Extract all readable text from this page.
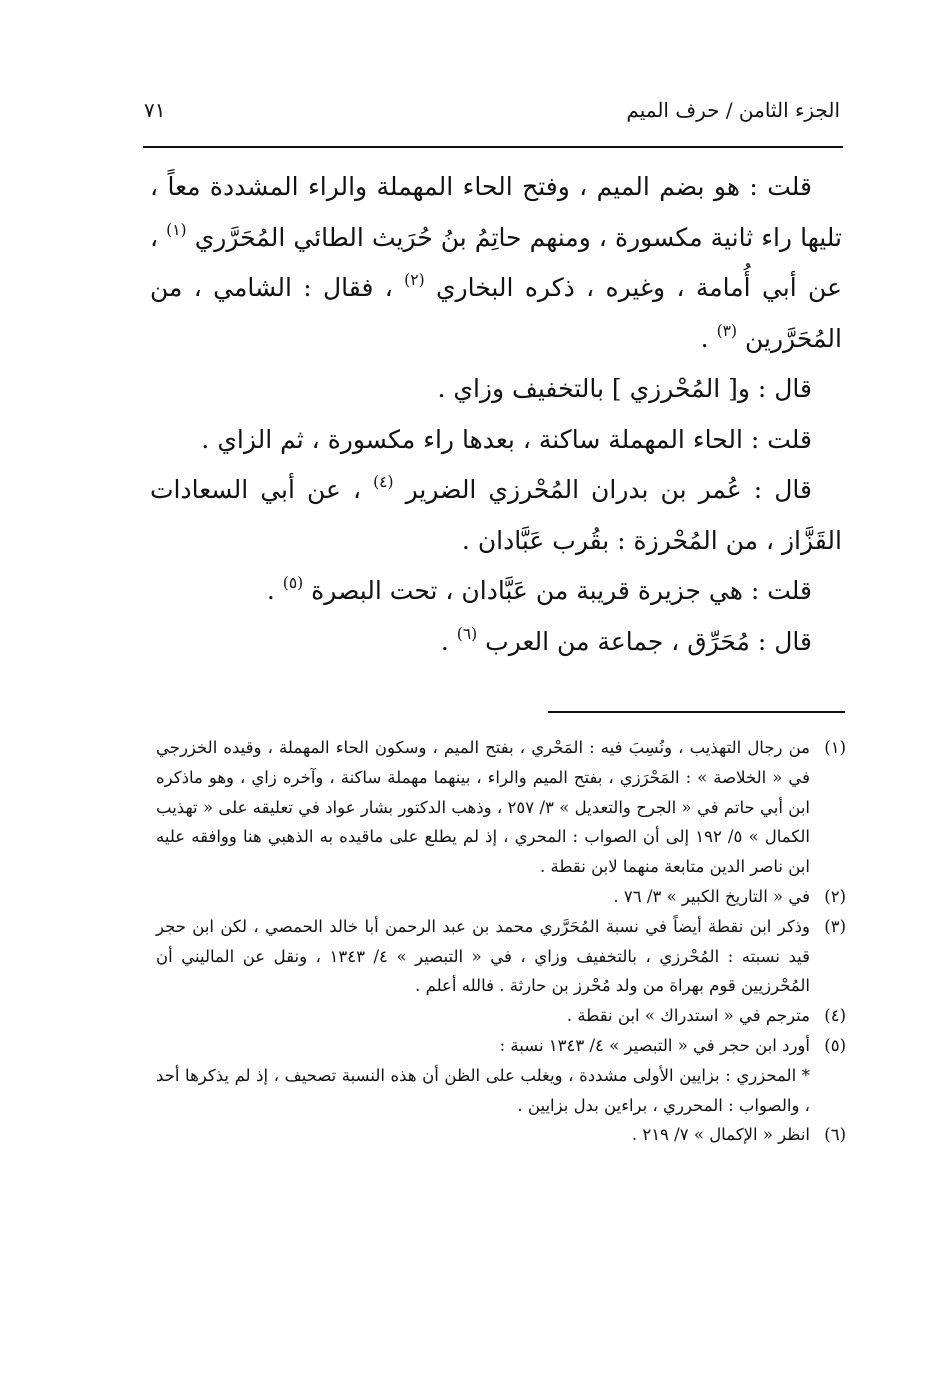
الجزء الثامن / حرف الميم
٧١

قلت : هو بضم الميم ، وفتح الحاء المهملة والراء المشددة معاً ، تليها راء ثانية مكسورة ، ومنهم حاتِمُ بنُ حُرَيث الطائي المُحَرَّري $^{(١)}$ ، عن أبي أُمامة ، وغيره ، ذكره البخاري $^{(٢)}$ ، فقال : الشامي ، من المُحَرَّرين $^{(٣)}$ .

قال : و[ المُحْرزي ] بالتخفيف وزاي .

قلت : الحاء المهملة ساكنة ، بعدها راء مكسورة ، ثم الزاي .

قال : عُمر بن بدران المُحْرزي الضرير $^{(٤)}$ ، عن أبي السعادات القَزَّاز ، من المُحْرزة : بقُرب عَبَّادان .

قلت : هي جزيرة قريبة من عَبَّادان ، تحت البصرة $^{(٥)}$ .

قال : مُحَرِّق ، جماعة من العرب $^{(٦)}$ .

(١)
من رجال التهذيب ، ونُسِبَ فيه : المَحْري ، بفتح الميم ، وسكون الحاء المهملة ، وقيده الخزرجي في « الخلاصة » : المَحْرَزي ، بفتح الميم والراء ، بينهما مهملة ساكنة ، وآخره زاي ، وهو ماذكره ابن أبي حاتم في « الجرح والتعديل » ٣/ ٢٥٧ ، وذهب الدكتور بشار عواد في تعليقه على « تهذيب الكمال » ٥/ ١٩٢ إلى أن الصواب : المحري ، إذ لم يطلع على ماقيده به الذهبي هنا ووافقه عليه ابن ناصر الدين متابعة منهما لابن نقطة .
(٢)
في « التاريخ الكبير » ٣/ ٧٦ .
(٣)
وذكر ابن نقطة أيضاً في نسبة المُحَرَّري محمد بن عبد الرحمن أبا خالد الحمصي ، لكن ابن حجر قيد نسبته : المُحْرزي ، بالتخفيف وزاي ، في « التبصير » ٤/ ١٣٤٣ ، ونقل عن الماليني أن المُحْرزيين قوم بهراة من ولد مُحْرز بن حارثة . فالله أعلم .
(٤)
مترجم في « استدراك » ابن نقطة .
(٥)
أورد ابن حجر في « التبصير » ٤/ ١٣٤٣ نسبة :
* المحزري : بزايين الأولى مشددة ، ويغلب على الظن أن هذه النسبة تصحيف ، إذ لم يذكرها أحد ، والصواب : المحرري ، براءين بدل بزايين .
(٦)
انظر « الإكمال » ٧/ ٢١٩ .
